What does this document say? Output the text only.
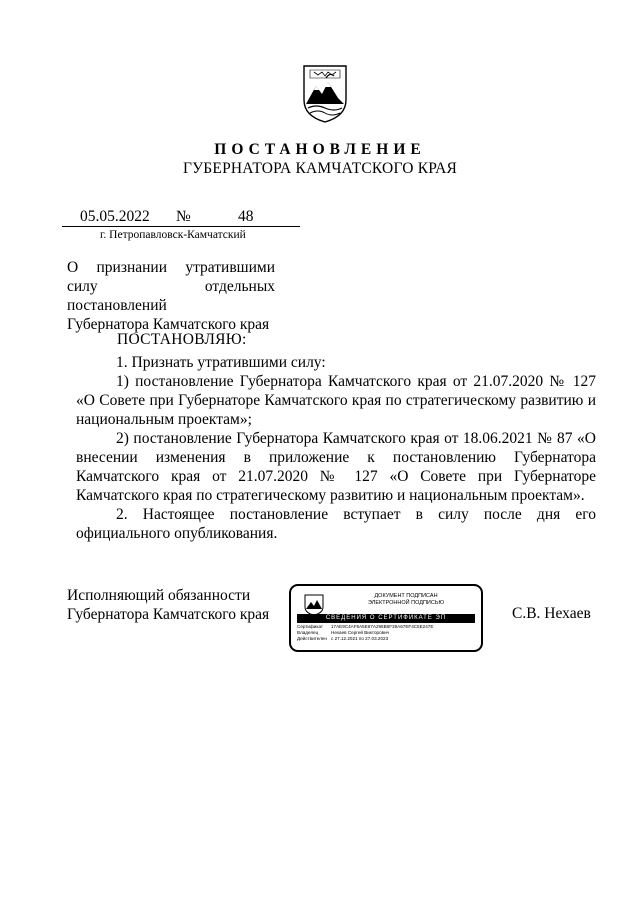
ПОСТАНОВЛЕНИЕ
ГУБЕРНАТОРА КАМЧАТСКОГО КРАЯ
05.05.2022 №	48
г. Петропавловск-Камчатский
О признании утратившими
силу отдельных постановлений
Губернатора Камчатского края
ПОСТАНОВЛЯЮ:

1. Признать утратившими силу:

1) постановление Губернатора Камчатского края от 21.07.2020 № 127 «О Совете при Губернаторе Камчатского края по стратегическому развитию и национальным проектам»;

2) постановление Губернатора Камчатского края от 18.06.2021 № 87 «О внесении изменения в приложение к постановлению Губернатора Камчатского края от 21.07.2020 № 127 «О Совете при Губернаторе Камчатского края по стратегическому развитию и национальным проектам».

2. Настоящее постановление вступает в силу после дня его официального опубликования.

Исполняющий обязанности
Губернатора Камчатского края	С.В. Нехаев
ДОКУМЕНТ ПОДПИСАН
ЭЛЕКТРОННОЙ ПОДПИСЬЮ
СВЕДЕНИЯ О СЕРТИФИКАТЕ ЭП
Сертификат 17AE9C4AF8A5E67A298B6F39A67EF4C5E247E
Владелец	Нехаев Сергей Викторович
Действителен с 27.12.2021 по 27.03.2023
